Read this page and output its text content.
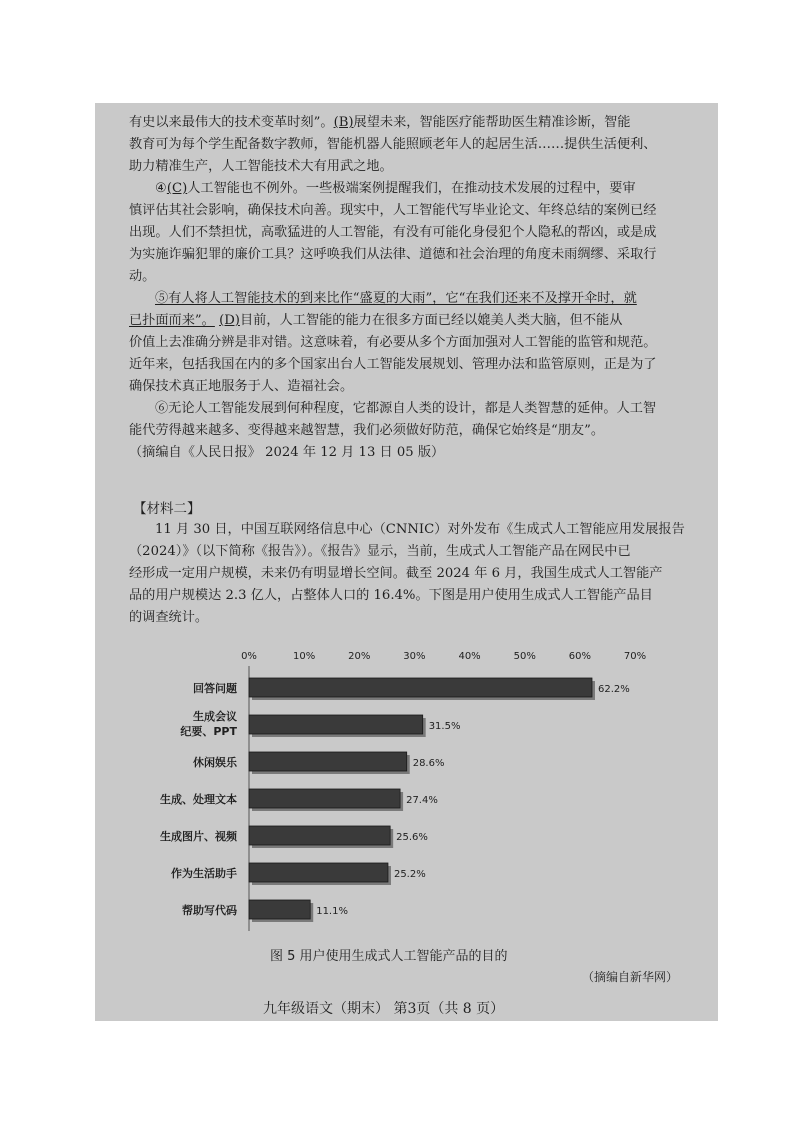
有史以来最伟大的技术变革时刻”。(B)展望未来，智能医疗能帮助医生精准诊断，智能
教育可为每个学生配备数字教师，智能机器人能照顾老年人的起居生活……提供生活便利、
助力精准生产，人工智能技术大有用武之地。
④(C)人工智能也不例外。一些极端案例提醒我们，在推动技术发展的过程中，要审
慎评估其社会影响，确保技术向善。现实中，人工智能代写毕业论文、年终总结的案例已经
出现。人们不禁担忧，高歌猛进的人工智能，有没有可能化身侵犯个人隐私的帮凶，或是成
为实施诈骗犯罪的廉价工具？这呼唤我们从法律、道德和社会治理的角度未雨绸缪、采取行
动。
⑤有人将人工智能技术的到来比作“盛夏的大雨”，它“在我们还来不及撑开伞时，就
已扑面而来”。 (D)目前，人工智能的能力在很多方面已经以媲美人类大脑，但不能从
价值上去准确分辨是非对错。这意味着，有必要从多个方面加强对人工智能的监管和规范。
近年来，包括我国在内的多个国家出台人工智能发展规划、管理办法和监管原则，正是为了
确保技术真正地服务于人、造福社会。
⑥无论人工智能发展到何种程度，它都源自人类的设计，都是人类智慧的延伸。人工智
能代劳得越来越多、变得越来越智慧，我们必须做好防范，确保它始终是“朋友”。
（摘编自《人民日报》 2024 年 12 月 13 日 05 版）
11 月 30 日，中国互联网络信息中心（CNNIC）对外发布《生成式人工智能应用发展报告
（2024）》（以下简称《报告》）。《报告》显示，当前，生成式人工智能产品在网民中已
经形成一定用户规模，未来仍有明显增长空间。截至 2024 年 6 月，我国生成式人工智能产
品的用户规模达 2.3 亿人，占整体人口的 16.4%。下图是用户使用生成式人工智能产品目
的调查统计。
【材料二】
0%	10%	20%	30%	40%	50%	60%	70%
62.2%
回答问题
31.5%
生成会议
纪要、PPT
28.6%
休闲娱乐
27.4%
生成、处理文本
25.6%
生成图片、视频
25.2%
作为生活助手
11.1%
帮助写代码
图 5 用户使用生成式人工智能产品的目的
（摘编自新华网）
九年级语文（期末） 第3页（共 8 页）
